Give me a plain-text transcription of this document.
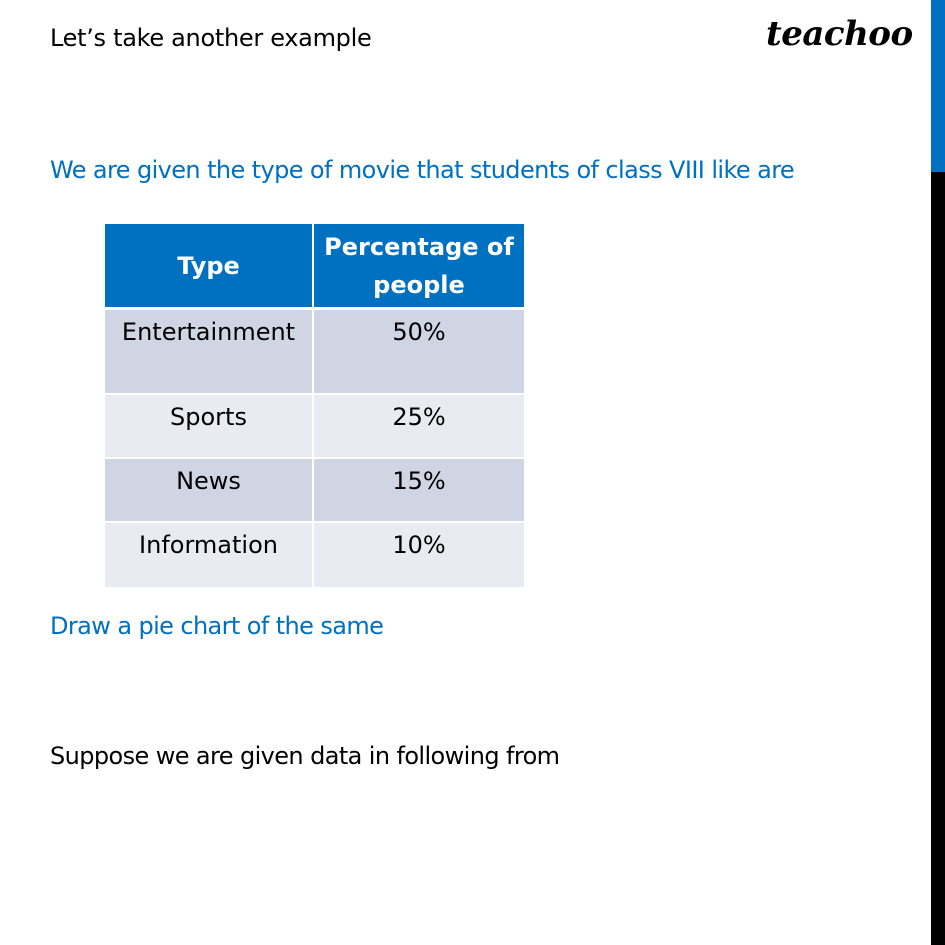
Let’s take another example	teachoo
We are given the type of movie that students of class VIII like are
Type	Percentage of people
Entertainment	50%
Sports	25%
News	15%
Information	10%
Draw a pie chart of the same
Suppose we are given data in following from
